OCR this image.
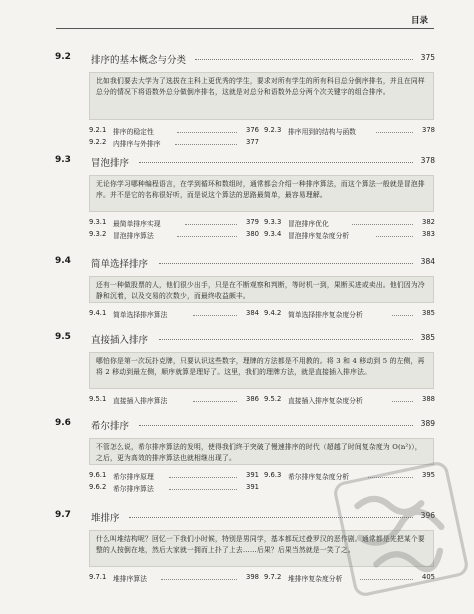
目录
9.2 排序的基本概念与分类	375
比如我们要去大学为了选拔在主科上更优秀的学生，要求对所有学生的所有科目总分倒序排名，并且在同样总分的情况下将语数外总分做倒序排名，这就是对总分和语数外总分两个次关键字的组合排序。
9.2.1 排序的稳定性	376 9.2.3 排序用到的结构与函数	378
9.2.2 内排序与外排序	377
9.3 冒泡排序	378
无论你学习哪种编程语言，在学到循环和数组时，通常都会介绍一种排序算法，而这个算法一般就是冒泡排序。并不是它的名称很好听，而是说这个算法的思路最简单，最容易理解。
9.3.1 最简单排序实现	379 9.3.3 冒泡排序优化	382
9.3.2 冒泡排序算法	380 9.3.4 冒泡排序复杂度分析	383
9.4 简单选择排序	384
还有一种做股票的人，他们很少出手，只是在不断观察和判断，等时机一到，果断买进或卖出。他们因为冷静和沉着，以及交易的次数少，而最终收益颇丰。
9.4.1 简单选择排序算法	384 9.4.2 简单选择排序复杂度分析	385
9.5 直接插入排序	385
哪怕你是第一次玩扑克牌，只要认识这些数字，理牌的方法都是不用教的。将 3 和 4 移动到 5 的左侧，再将 2 移动到最左侧，顺序就算是理好了。这里，我们的理牌方法，就是直接插入排序法。
9.5.1 直接插入排序算法	386 9.5.2 直接插入排序复杂度分析	388
9.6 希尔排序	389
不管怎么说，希尔排序算法的发明，使得我们终于突破了慢速排序的时代（超越了时间复杂度为 O(n²)），之后，更为高效的排序算法也就相继出现了。
9.6.1 希尔排序原理	391 9.6.3 希尔排序复杂度分析	395
9.6.2 希尔排序算法	391
9.7 堆排序	396
什么叫堆结构呢？回忆一下我们小时候，特别是男同学，基本都玩过叠罗汉的恶作剧。通常都是先把某个要整的人按倒在地，然后大家就一拥而上扑了上去……后果？后果当然就是一笑了之。
9.7.1 堆排序算法	398 9.7.2 堆排序复杂度分析	405
